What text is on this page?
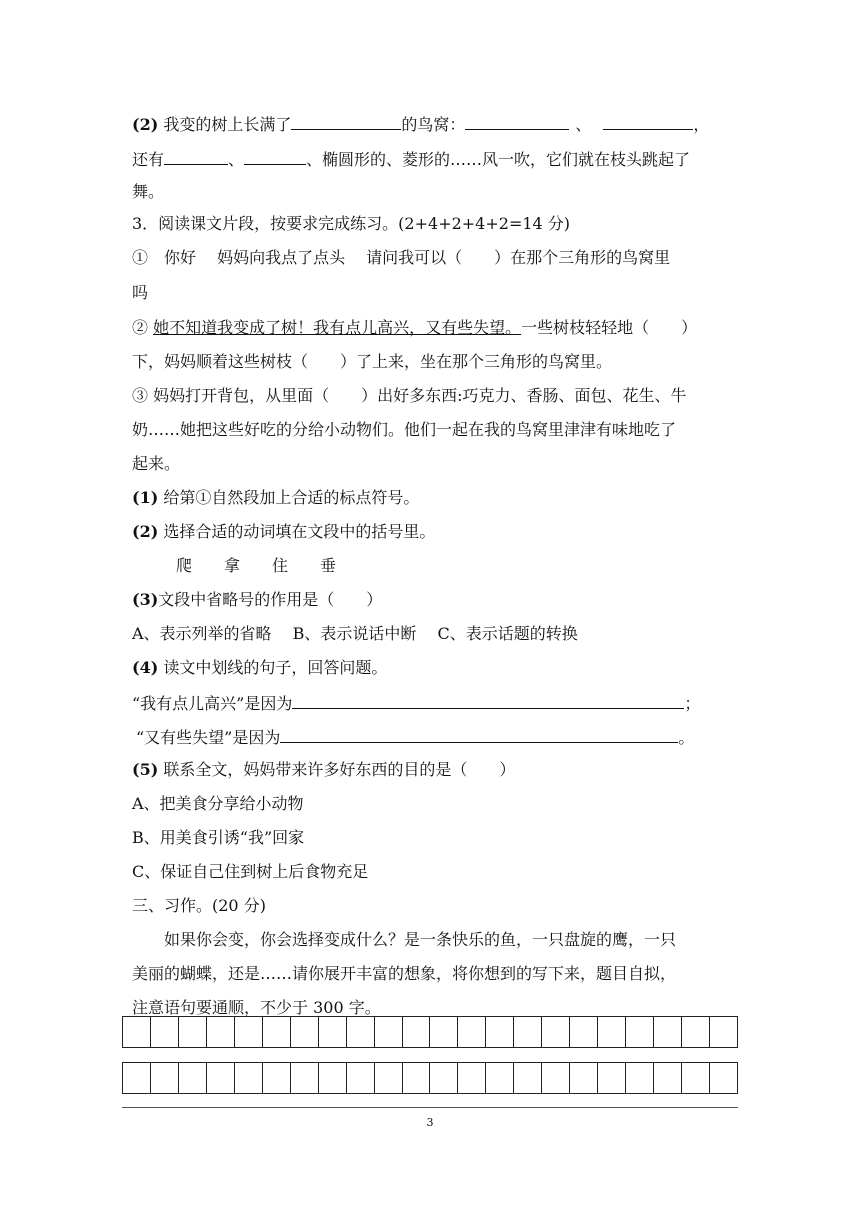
(2) 我变的树上长满了	的鸟窝：	、	，
还有	、	、椭圆形的、菱形的……风一吹，它们就在枝头跳起了
舞。
3．阅读课文片段，按要求完成练习。(2+4+2+4+2=14 分)
①　你好　 妈妈向我点了点头　 请问我可以（　　）在那个三角形的鸟窝里
吗
② 她不知道我变成了树！我有点儿高兴，又有些失望。一些树枝轻轻地（　　）
下，妈妈顺着这些树枝（　　）了上来，坐在那个三角形的鸟窝里。
③ 妈妈打开背包，从里面（　　）出好多东西:巧克力、香肠、面包、花生、牛
奶……她把这些好吃的分给小动物们。他们一起在我的鸟窝里津津有味地吃了
起来。
(1) 给第①自然段加上合适的标点符号。
(2) 选择合适的动词填在文段中的括号里。
爬　　拿　　住　　垂
(3)文段中省略号的作用是（　　）
A、表示列举的省略　 B、表示说话中断　 C、表示话题的转换
(4) 读文中划线的句子，回答问题。
“我有点儿高兴”是因为	；
“又有些失望”是因为	。
(5) 联系全文，妈妈带来许多好东西的目的是（　　）
A、把美食分享给小动物
B、用美食引诱“我”回家
C、保证自己住到树上后食物充足
三、习作。(20 分)
如果你会变，你会选择变成什么？是一条快乐的鱼，一只盘旋的鹰，一只
美丽的蝴蝶，还是……请你展开丰富的想象，将你想到的写下来，题目自拟，
注意语句要通顺，不少于 300 字。
3
